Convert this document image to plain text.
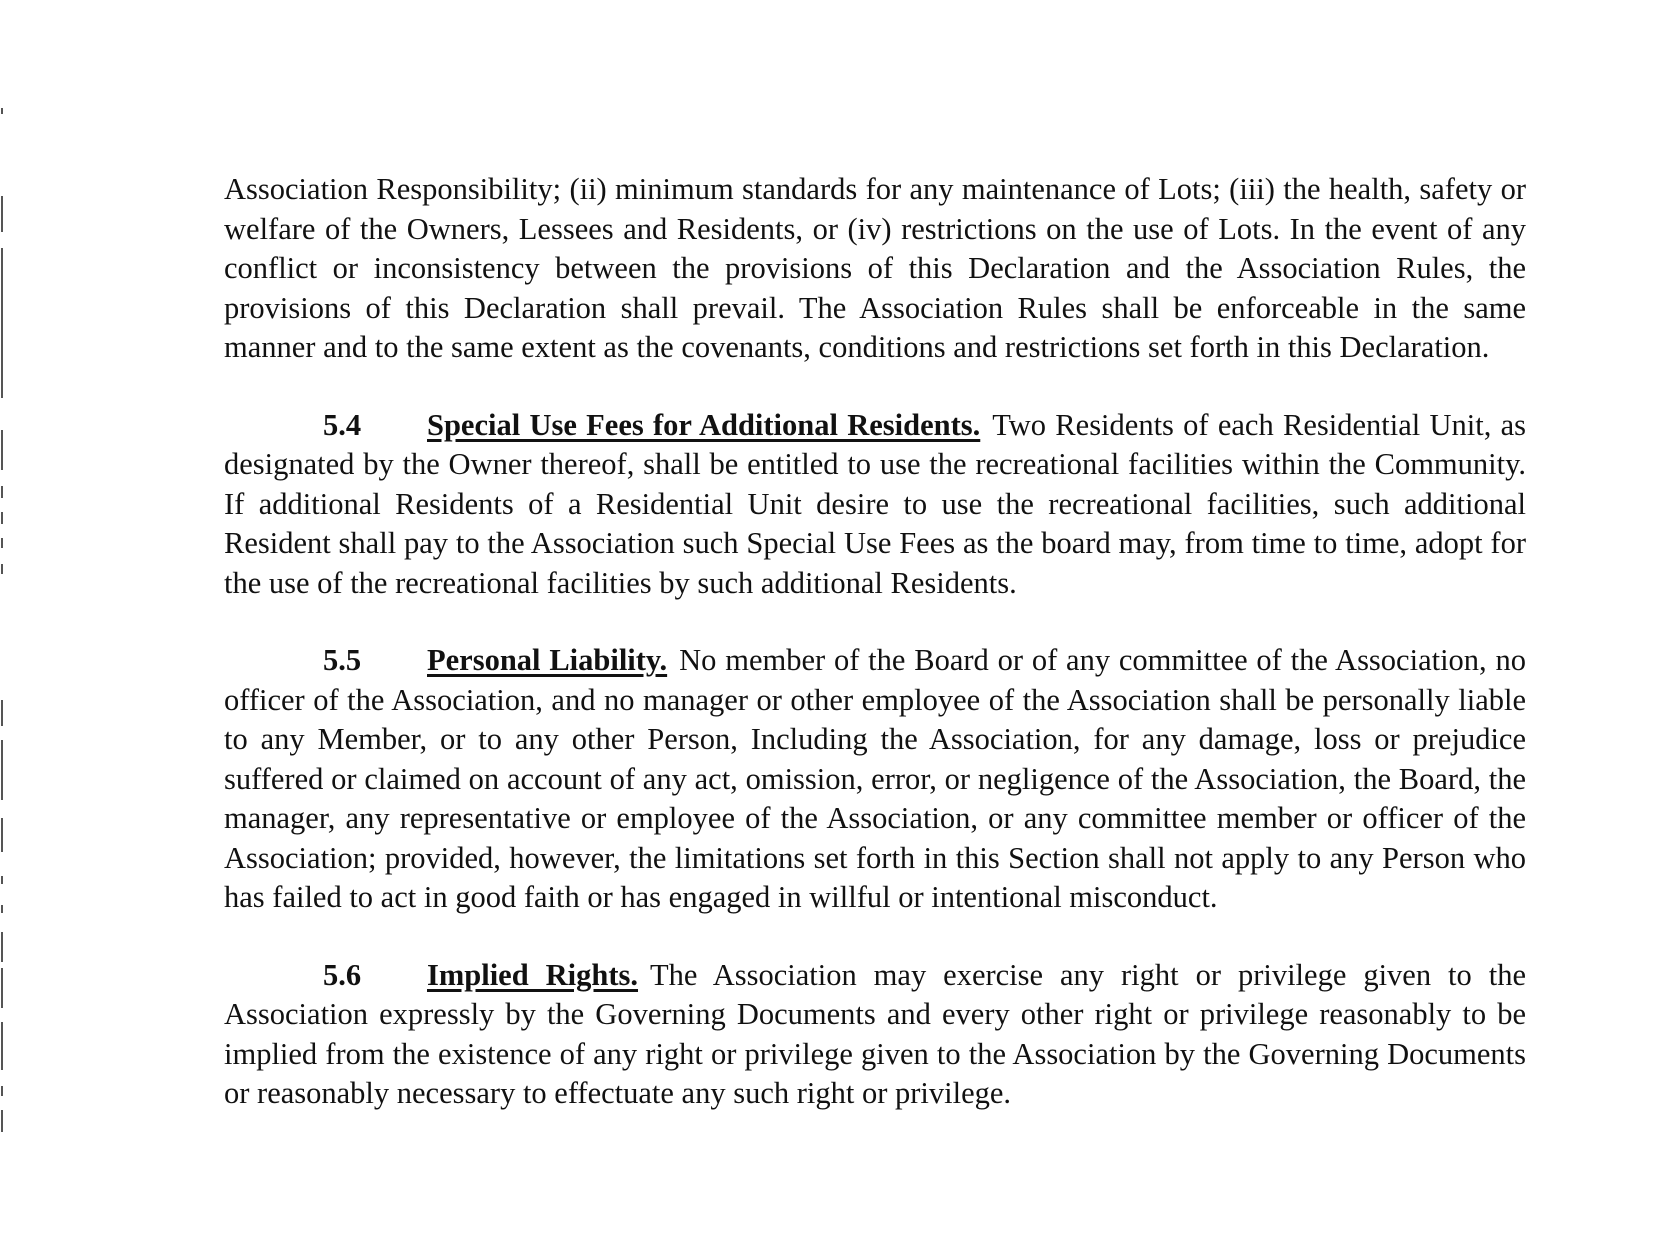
Association Responsibility; (ii) minimum standards for any maintenance of Lots; (iii) the health, safety or welfare of the Owners, Lessees and Residents, or (iv) restrictions on the use of Lots. In the event of any conflict or inconsistency between the provisions of this Declaration and the Association Rules, the provisions of this Declaration shall prevail. The Association Rules shall be enforceable in the same manner and to the same extent as the covenants, conditions and restrictions set forth in this Declaration.

5.4 Special Use Fees for Additional Residents. Two Residents of each Residential Unit, as designated by the Owner thereof, shall be entitled to use the recreational facilities within the Community. If additional Residents of a Residential Unit desire to use the recreational facilities, such additional Resident shall pay to the Association such Special Use Fees as the board may, from time to time, adopt for the use of the recreational facilities by such additional Residents.

5.5 Personal Liability. No member of the Board or of any committee of the Association, no officer of the Association, and no manager or other employee of the Association shall be personally liable to any Member, or to any other Person, Including the Association, for any damage, loss or prejudice suffered or claimed on account of any act, omission, error, or negligence of the Association, the Board, the manager, any representative or employee of the Association, or any committee member or officer of the Association; provided, however, the limitations set forth in this Section shall not apply to any Person who has failed to act in good faith or has engaged in willful or intentional misconduct.

5.6 Implied Rights. The Association may exercise any right or privilege given to the Association expressly by the Governing Documents and every other right or privilege reasonably to be implied from the existence of any right or privilege given to the Association by the Governing Documents or reasonably necessary to effectuate any such right or privilege.
